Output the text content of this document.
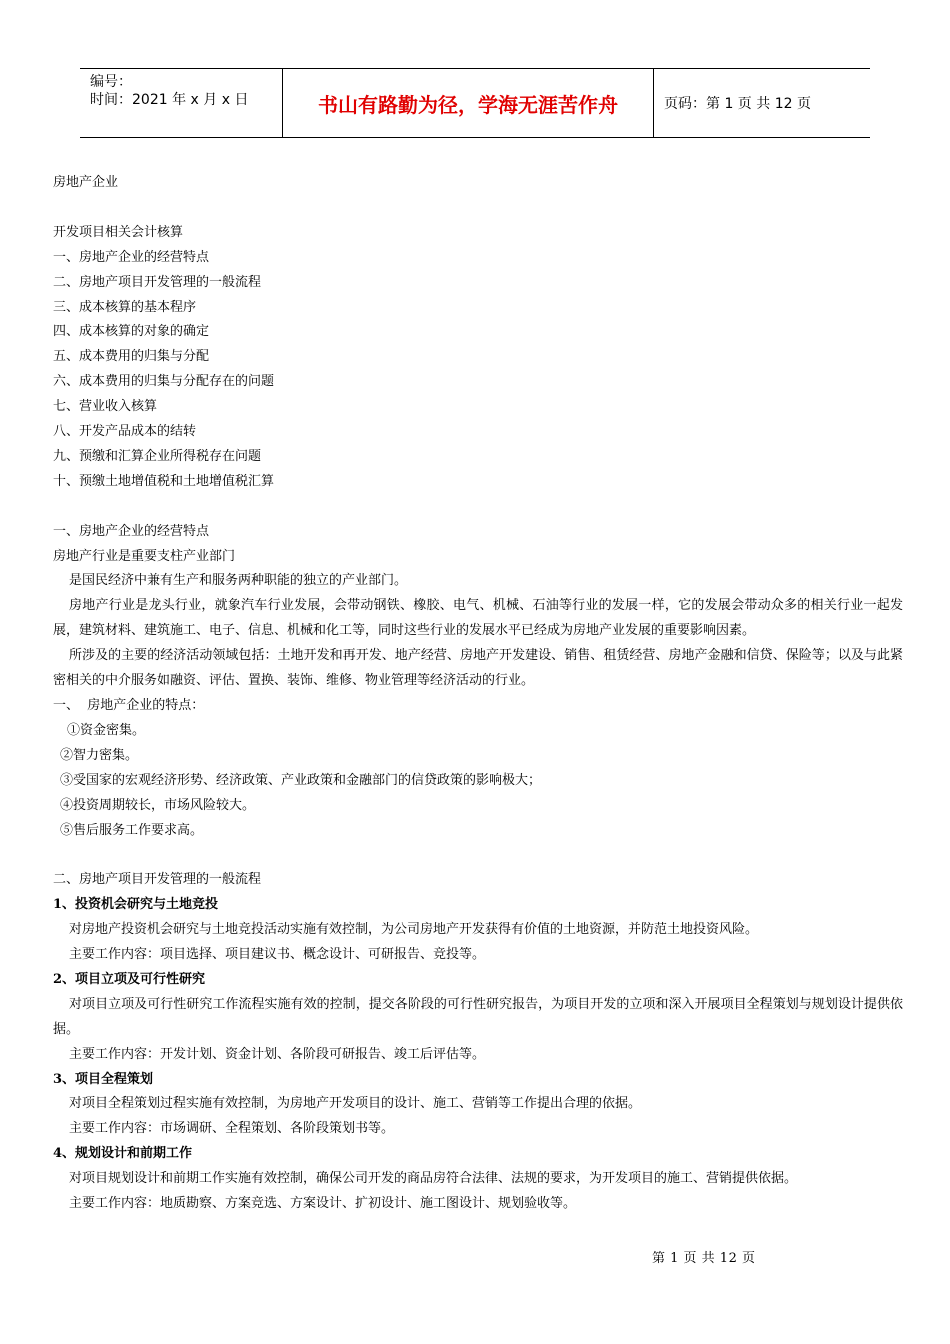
编号：
时间：2021 年 x 月 x 日	书山有路勤为径，学海无涯苦作舟	页码：第 1 页 共 12 页
房地产企业
开发项目相关会计核算
一、房地产企业的经营特点
二、房地产项目开发管理的一般流程
三、成本核算的基本程序
四、成本核算的对象的确定
五、成本费用的归集与分配
六、成本费用的归集与分配存在的问题
七、营业收入核算
八、开发产品成本的结转
九、预缴和汇算企业所得税存在问题
十、预缴土地增值税和土地增值税汇算
一、房地产企业的经营特点
房地产行业是重要支柱产业部门
是国民经济中兼有生产和服务两种职能的独立的产业部门。
房地产行业是龙头行业，就象汽车行业发展，会带动钢铁、橡胶、电气、机械、石油等行业的发展一样，它的发展会带动众多的相关行业一起发展，建筑材料、建筑施工、电子、信息、机械和化工等，同时这些行业的发展水平已经成为房地产业发展的重要影响因素。
所涉及的主要的经济活动领域包括：土地开发和再开发、地产经营、房地产开发建设、销售、租赁经营、房地产金融和信贷、保险等；以及与此紧密相关的中介服务如融资、评估、置换、装饰、维修、物业管理等经济活动的行业。
一、  房地产企业的特点：
①资金密集。
②智力密集。
③受国家的宏观经济形势、经济政策、产业政策和金融部门的信贷政策的影响极大；
④投资周期较长，市场风险较大。
⑤售后服务工作要求高。
二、房地产项目开发管理的一般流程
1、投资机会研究与土地竞投
对房地产投资机会研究与土地竞投活动实施有效控制，为公司房地产开发获得有价值的土地资源，并防范土地投资风险。
主要工作内容：项目选择、项目建议书、概念设计、可研报告、竞投等。
2、项目立项及可行性研究
对项目立项及可行性研究工作流程实施有效的控制，提交各阶段的可行性研究报告，为项目开发的立项和深入开展项目全程策划与规划设计提供依据。
主要工作内容：开发计划、资金计划、各阶段可研报告、竣工后评估等。
3、项目全程策划
对项目全程策划过程实施有效控制，为房地产开发项目的设计、施工、营销等工作提出合理的依据。
主要工作内容：市场调研、全程策划、各阶段策划书等。
4、规划设计和前期工作
对项目规划设计和前期工作实施有效控制，确保公司开发的商品房符合法律、法规的要求，为开发项目的施工、营销提供依据。
主要工作内容：地质勘察、方案竞选、方案设计、扩初设计、施工图设计、规划验收等。
第 1 页 共 12 页
